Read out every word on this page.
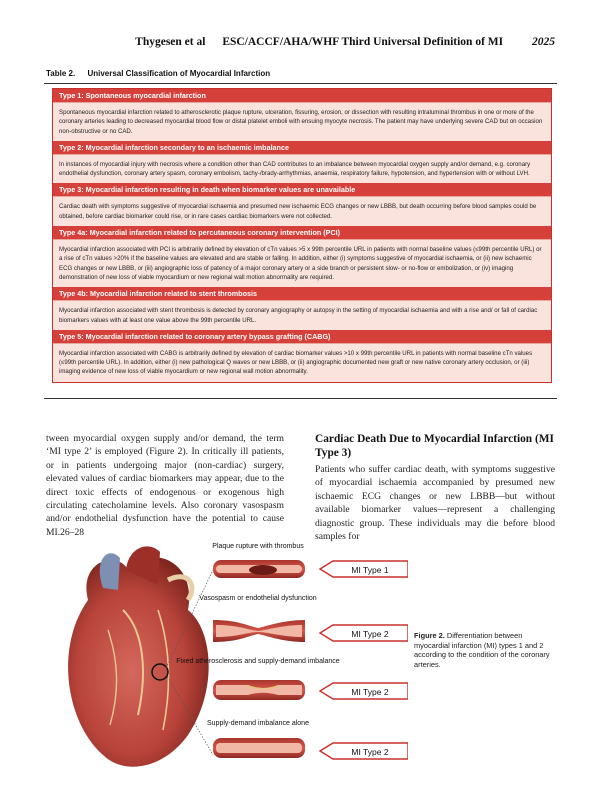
Thygesen et al ESC/ACCF/AHA/WHF Third Universal Definition of MI	2025
Table 2. Universal Classification of Myocardial Infarction
Type 1: Spontaneous myocardial infarction
Spontaneous myocardial infarction related to atherosclerotic plaque rupture, ulceration, fissuring, erosion, or dissection with resulting intraluminal thrombus in one or more of the coronary arteries leading to decreased myocardial blood flow or distal platelet emboli with ensuing myocyte necrosis. The patient may have underlying severe CAD but on occasion non-obstructive or no CAD.
Type 2: Myocardial infarction secondary to an ischaemic imbalance
In instances of myocardial injury with necrosis where a condition other than CAD contributes to an imbalance between myocardial oxygen supply and/or demand, e.g. coronary endothelial dysfunction, coronary artery spasm, coronary embolism, tachy-/brady-arrhythmias, anaemia, respiratory failure, hypotension, and hypertension with or without LVH.
Type 3: Myocardial infarction resulting in death when biomarker values are unavailable
Cardiac death with symptoms suggestive of myocardial ischaemia and presumed new ischaemic ECG changes or new LBBB, but death occurring before blood samples could be obtained, before cardiac biomarker could rise, or in rare cases cardiac biomarkers were not collected.
Type 4a: Myocardial infarction related to percutaneous coronary intervention (PCI)
Myocardial infarction associated with PCI is arbitrarily defined by elevation of cTn values >5 x 99th percentile URL in patients with normal baseline values (≤99th percentile URL) or a rise of cTn values >20% if the baseline values are elevated and are stable or falling. In addition, either (i) symptoms suggestive of myocardial ischaemia, or (ii) new ischaemic ECG changes or new LBBB, or (iii) angiographic loss of patency of a major coronary artery or a side branch or persistent slow- or no-flow or embolization, or (iv) imaging demonstration of new loss of viable myocardium or new regional wall motion abnormality are required.
Type 4b: Myocardial infarction related to stent thrombosis
Myocardial infarction associated with stent thrombosis is detected by coronary angiography or autopsy in the setting of myocardial ischaemia and with a rise and/ or fall of cardiac biomarkers values with at least one value above the 99th percentile URL.
Type 5: Myocardial infarction related to coronary artery bypass grafting (CABG)
Myocardial infarction associated with CABG is arbitrarily defined by elevation of cardiac biomarker values >10 x 99th percentile URL in patients with normal baseline cTn values (≤99th percentile URL). In addition, either (i) new pathological Q waves or new LBBB, or (ii) angiographic documented new graft or new native coronary artery occlusion, or (iii) imaging evidence of new loss of viable myocardium or new regional wall motion abnormality.
tween myocardial oxygen supply and/or demand, the term ‘MI type 2’ is employed (Figure 2). In critically ill patients, or in patients undergoing major (non-cardiac) surgery, elevated values of cardiac biomarkers may appear, due to the direct toxic effects of endogenous or exogenous high circulating catecholamine levels. Also coronary vasospasm and/or endothelial dysfunction have the potential to cause MI.26–28
Cardiac Death Due to Myocardial Infarction (MI Type 3)
Patients who suffer cardiac death, with symptoms suggestive of myocardial ischaemia accompanied by presumed new ischaemic ECG changes or new LBBB—but without available biomarker values—represent a challenging diagnostic group. These individuals may die before blood samples for
Plaque rupture with thrombus
MI Type 1
Vasospasm or endothelial dysfunction
MI Type 2
Fixed atherosclerosis and supply-demand imbalance
MI Type 2
Supply-demand imbalance alone
MI Type 2
Figure 2. Differentiation between myocardial infarction (MI) types 1 and 2 according to the condition of the coronary arteries.
